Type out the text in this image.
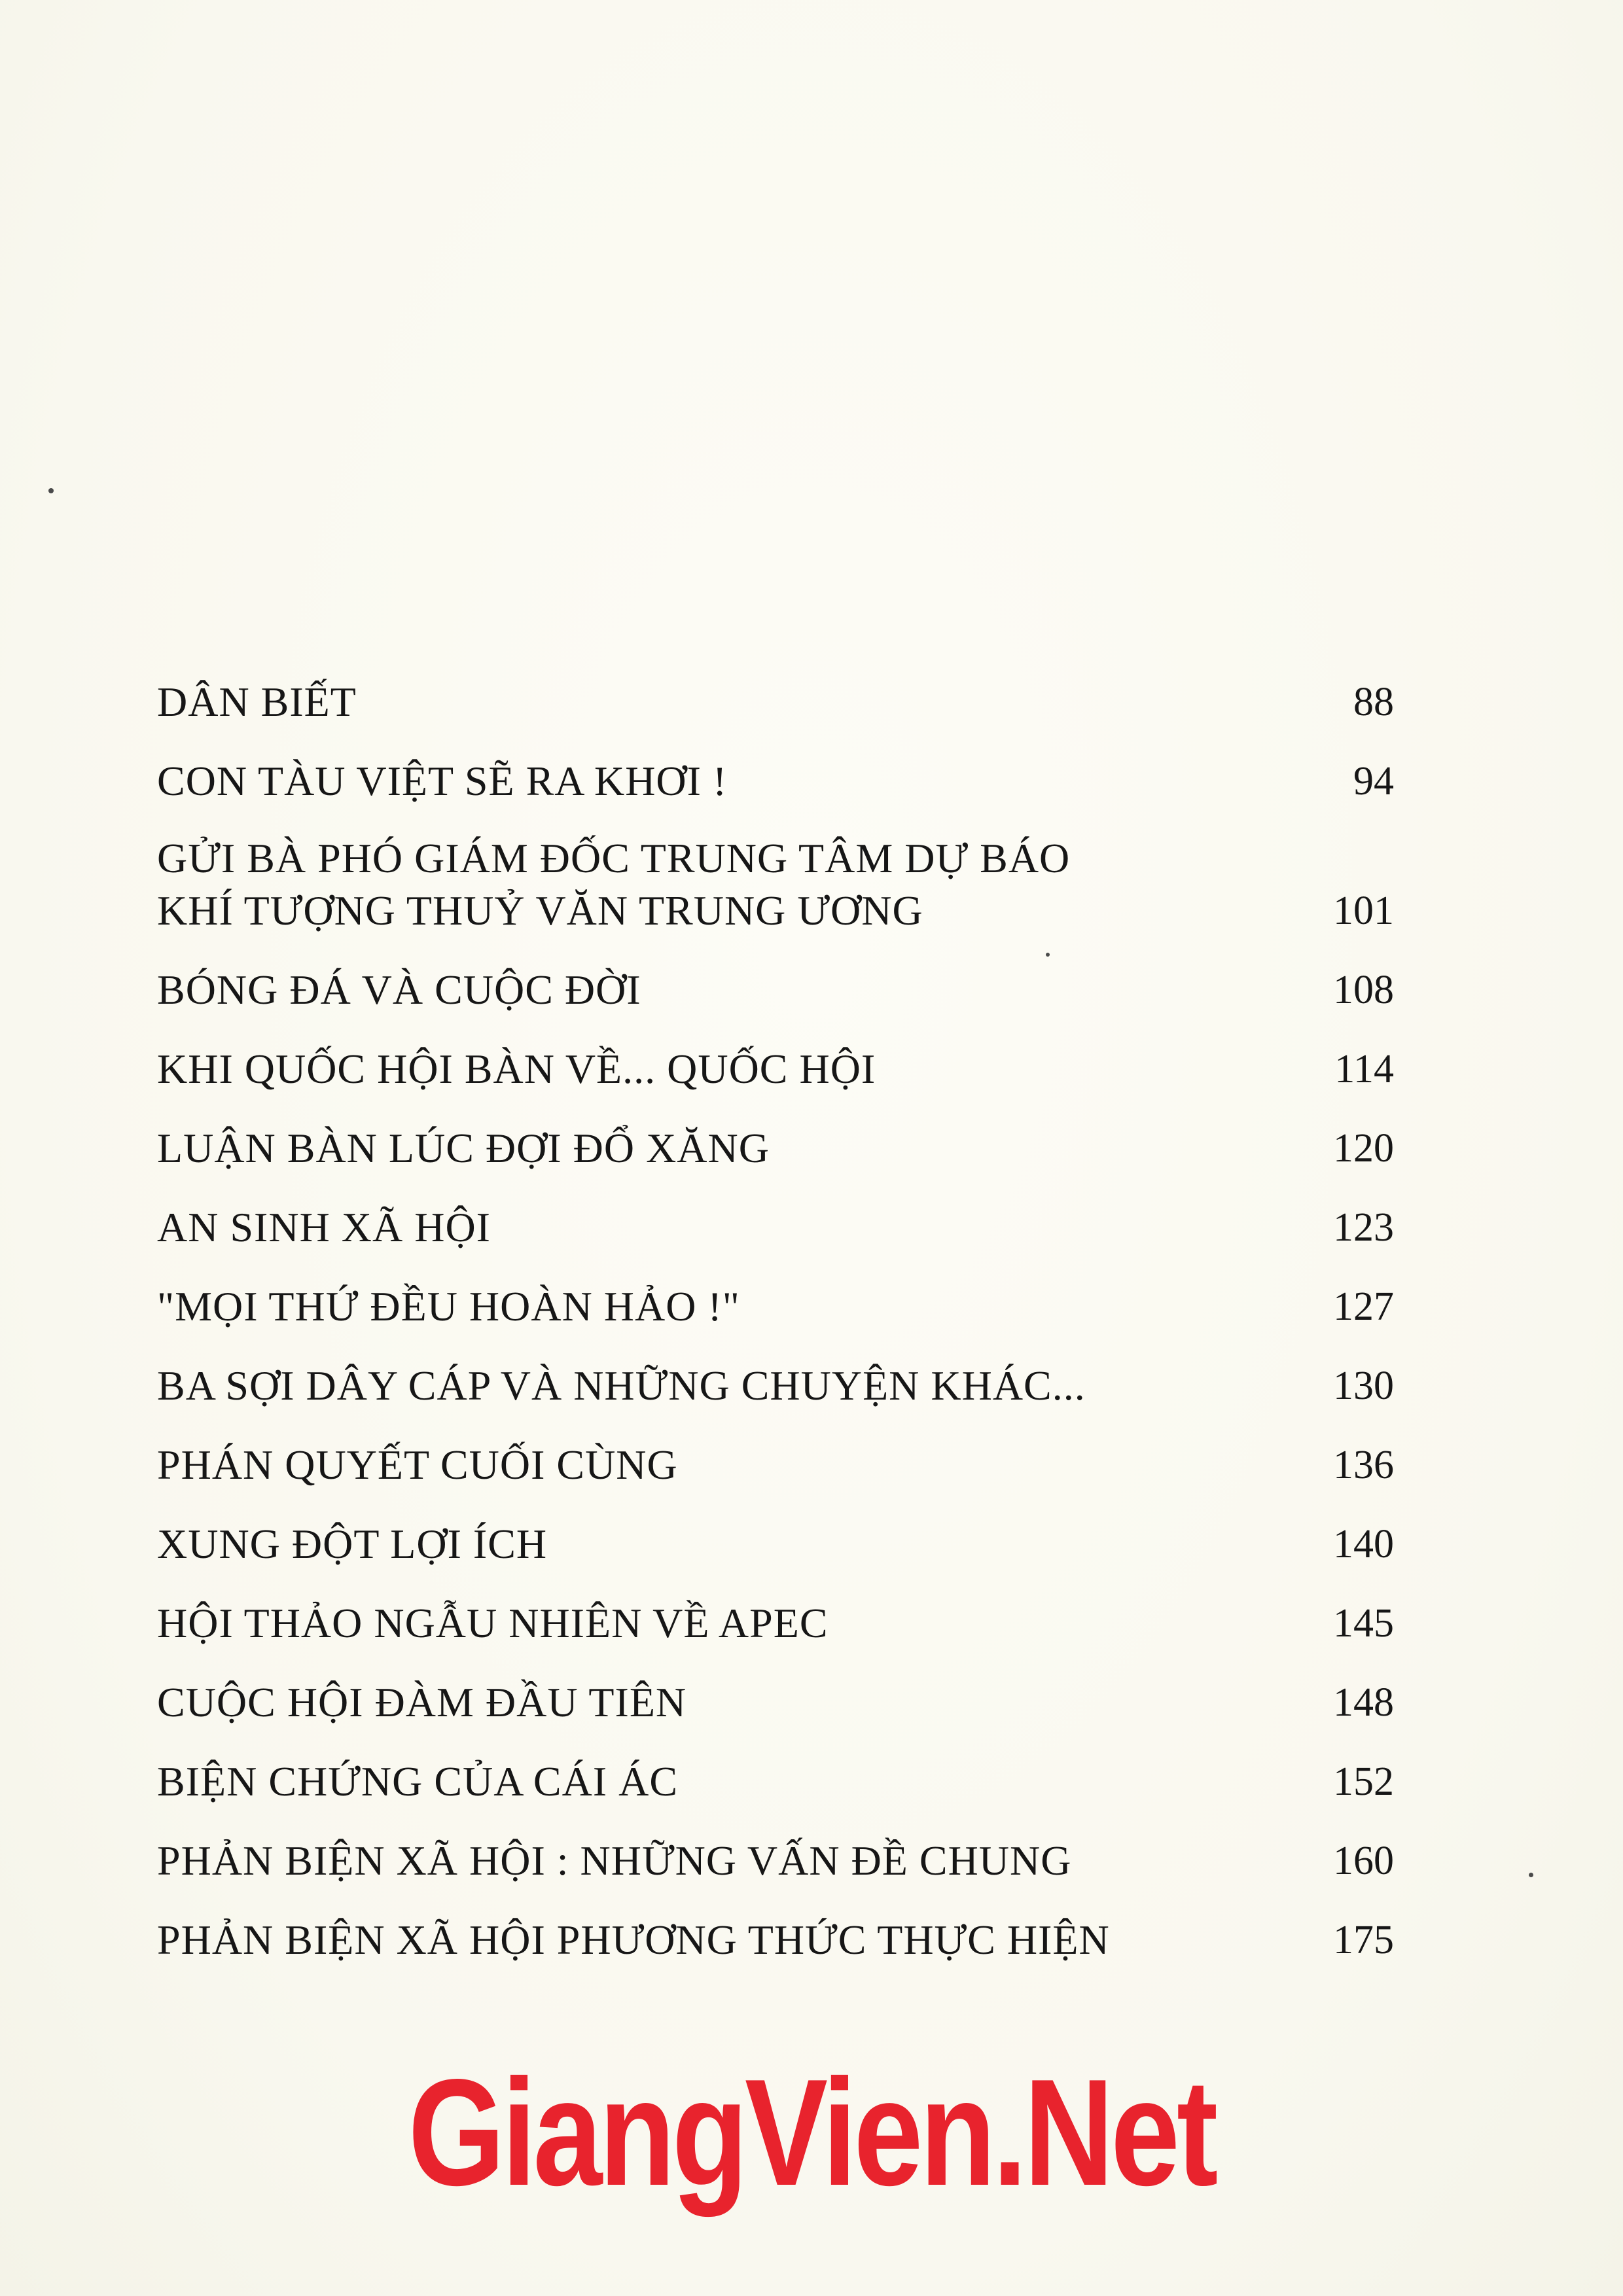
DÂN BIẾT	88
CON TÀU VIỆT SẼ RA KHƠI !	94
GỬI BÀ PHÓ GIÁM ĐỐC TRUNG TÂM DỰ BÁO
KHÍ TƯỢNG THUỶ VĂN TRUNG ƯƠNG	101
BÓNG ĐÁ VÀ CUỘC ĐỜI	108
KHI QUỐC HỘI BÀN VỀ... QUỐC HỘI	114
LUẬN BÀN LÚC ĐỢI ĐỔ XĂNG	120
AN SINH XÃ HỘI	123
"MỌI THỨ ĐỀU HOÀN HẢO !"	127
BA SỢI DÂY CÁP VÀ NHỮNG CHUYỆN KHÁC...	130
PHÁN QUYẾT CUỐI CÙNG	136
XUNG ĐỘT LỢI ÍCH	140
HỘI THẢO NGẪU NHIÊN VỀ APEC	145
CUỘC HỘI ĐÀM ĐẦU TIÊN	148
BIỆN CHỨNG CỦA CÁI ÁC	152
PHẢN BIỆN XÃ HỘI : NHỮNG VẤN ĐỀ CHUNG	160
PHẢN BIỆN XÃ HỘI PHƯƠNG THỨC THỰC HIỆN	175
GiangVien.Net
